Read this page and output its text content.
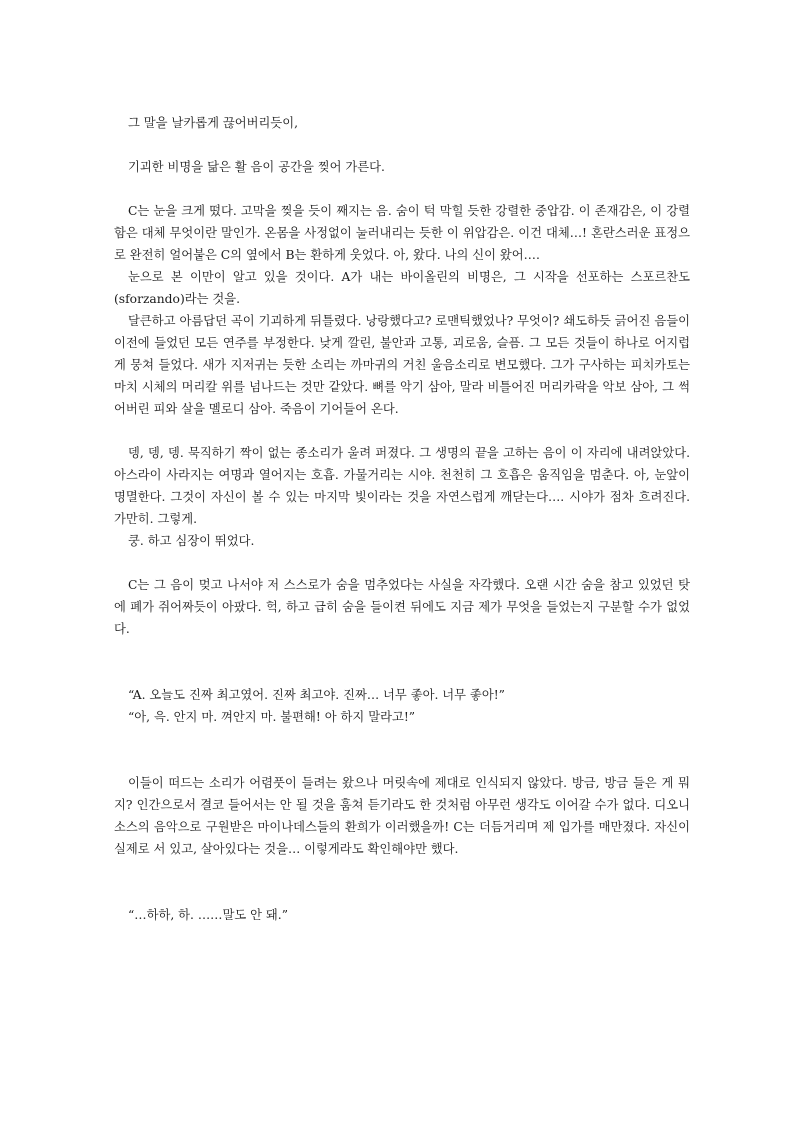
그 말을 날카롭게 끊어버리듯이,

기괴한 비명을 닮은 활 음이 공간을 찢어 가른다.

C는 눈을 크게 떴다. 고막을 찢을 듯이 째지는 음. 숨이 턱 막힐 듯한 강렬한 중압감. 이 존재감은, 이 강렬함은 대체 무엇이란 말인가. 온몸을 사정없이 눌러내리는 듯한 이 위압감은. 이건 대체…! 혼란스러운 표정으로 완전히 얼어붙은 C의 옆에서 B는 환하게 웃었다. 아, 왔다. 나의 신이 왔어….

눈으로 본 이만이 알고 있을 것이다. A가 내는 바이올린의 비명은, 그 시작을 선포하는 스포르찬도(sforzando)라는 것을.

달큰하고 아름답던 곡이 기괴하게 뒤틀렸다. 낭랑했다고? 로맨틱했었나? 무엇이? 쇄도하듯 긁어진 음들이 이전에 들었던 모든 연주를 부정한다. 낮게 깔린, 불안과 고통, 괴로움, 슬픔. 그 모든 것들이 하나로 어지럽게 뭉쳐 들었다. 새가 지저귀는 듯한 소리는 까마귀의 거친 울음소리로 변모했다. 그가 구사하는 피치카토는 마치 시체의 머리칼 위를 넘나드는 것만 같았다. 뼈를 악기 삼아, 말라 비틀어진 머리카락을 악보 삼아, 그 썩어버린 피와 살을 멜로디 삼아. 죽음이 기어들어 온다.

뎅, 뎅, 뎅. 묵직하기 짝이 없는 종소리가 울려 퍼졌다. 그 생명의 끝을 고하는 음이 이 자리에 내려앉았다. 아스라이 사라지는 여명과 열어지는 호흡. 가물거리는 시야. 천천히 그 호흡은 움직임을 멈춘다. 아, 눈앞이 명멸한다. 그것이 자신이 볼 수 있는 마지막 빛이라는 것을 자연스럽게 깨닫는다…. 시야가 점차 흐려진다. 가만히. 그렇게.

쿵. 하고 심장이 뛰었다.

C는 그 음이 멎고 나서야 저 스스로가 숨을 멈추었다는 사실을 자각했다. 오랜 시간 숨을 참고 있었던 탓에 폐가 쥐어짜듯이 아팠다. 헉, 하고 급히 숨을 들이켠 뒤에도 지금 제가 무엇을 들었는지 구분할 수가 없었다.

“A. 오늘도 진짜 최고였어. 진짜 최고야. 진짜… 너무 좋아. 너무 좋아!”

“아, 윽. 안지 마. 껴안지 마. 불편해! 아 하지 말라고!”

이들이 떠드는 소리가 어렴풋이 들려는 왔으나 머릿속에 제대로 인식되지 않았다. 방금, 방금 들은 게 뭐지? 인간으로서 결코 들어서는 안 될 것을 훔쳐 듣기라도 한 것처럼 아무런 생각도 이어갈 수가 없다. 디오니소스의 음악으로 구원받은 마이나데스들의 환희가 이러했을까! C는 더듬거리며 제 입가를 매만졌다. 자신이 실제로 서 있고, 살아있다는 것을… 이렇게라도 확인해야만 했다.

“…하하, 하. ……말도 안 돼.”
